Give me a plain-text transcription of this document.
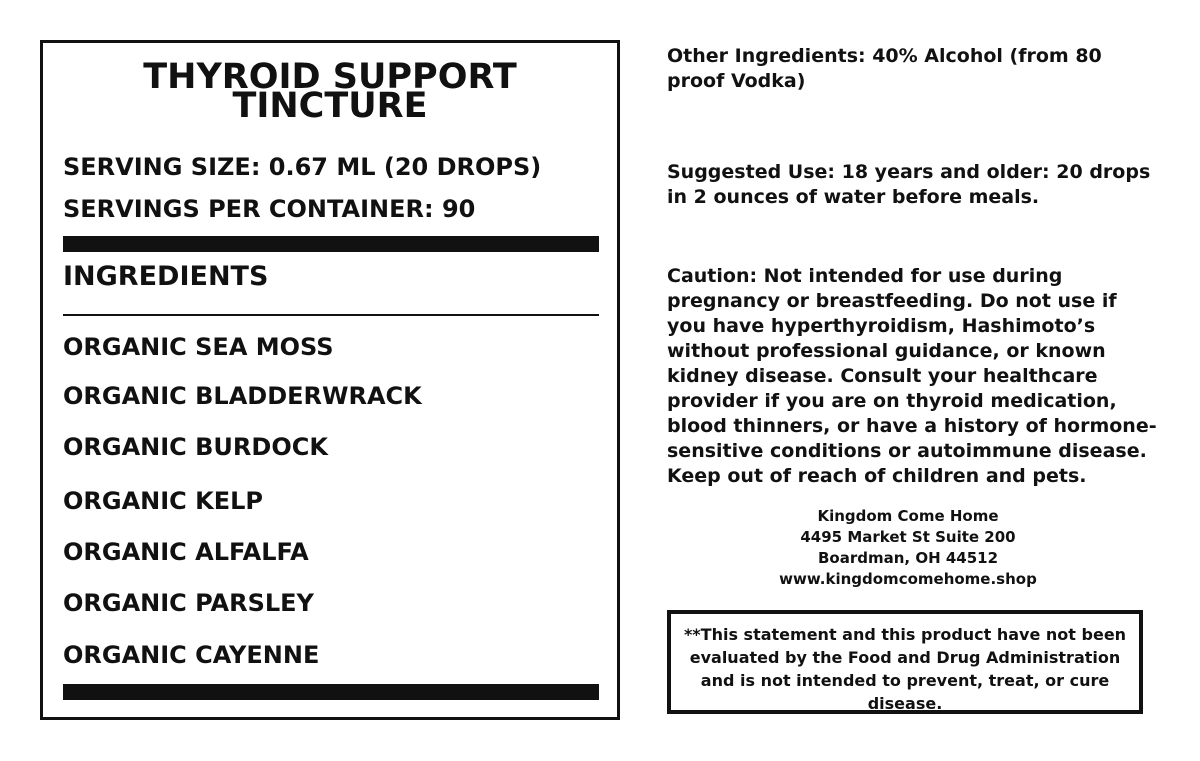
THYROID SUPPORT
TINCTURE
SERVING SIZE: 0.67 ML (20 DROPS)
SERVINGS PER CONTAINER: 90
INGREDIENTS
ORGANIC SEA MOSS
ORGANIC BLADDERWRACK
ORGANIC BURDOCK
ORGANIC KELP
ORGANIC ALFALFA
ORGANIC PARSLEY
ORGANIC CAYENNE
Other Ingredients: 40% Alcohol (from 80 proof Vodka)
Suggested Use: 18 years and older: 20 drops in 2 ounces of water before meals.
Caution: Not intended for use during pregnancy or breastfeeding. Do not use if you have hyperthyroidism, Hashimoto’s without professional guidance, or known kidney disease. Consult your healthcare provider if you are on thyroid medication, blood thinners, or have a history of hormone-sensitive conditions or autoimmune disease. Keep out of reach of children and pets.
Kingdom Come Home
4495 Market St Suite 200
Boardman, OH 44512
www.kingdomcomehome.shop
**This statement and this product have not been evaluated by the Food and Drug Administration and is not intended to prevent, treat, or cure disease.
